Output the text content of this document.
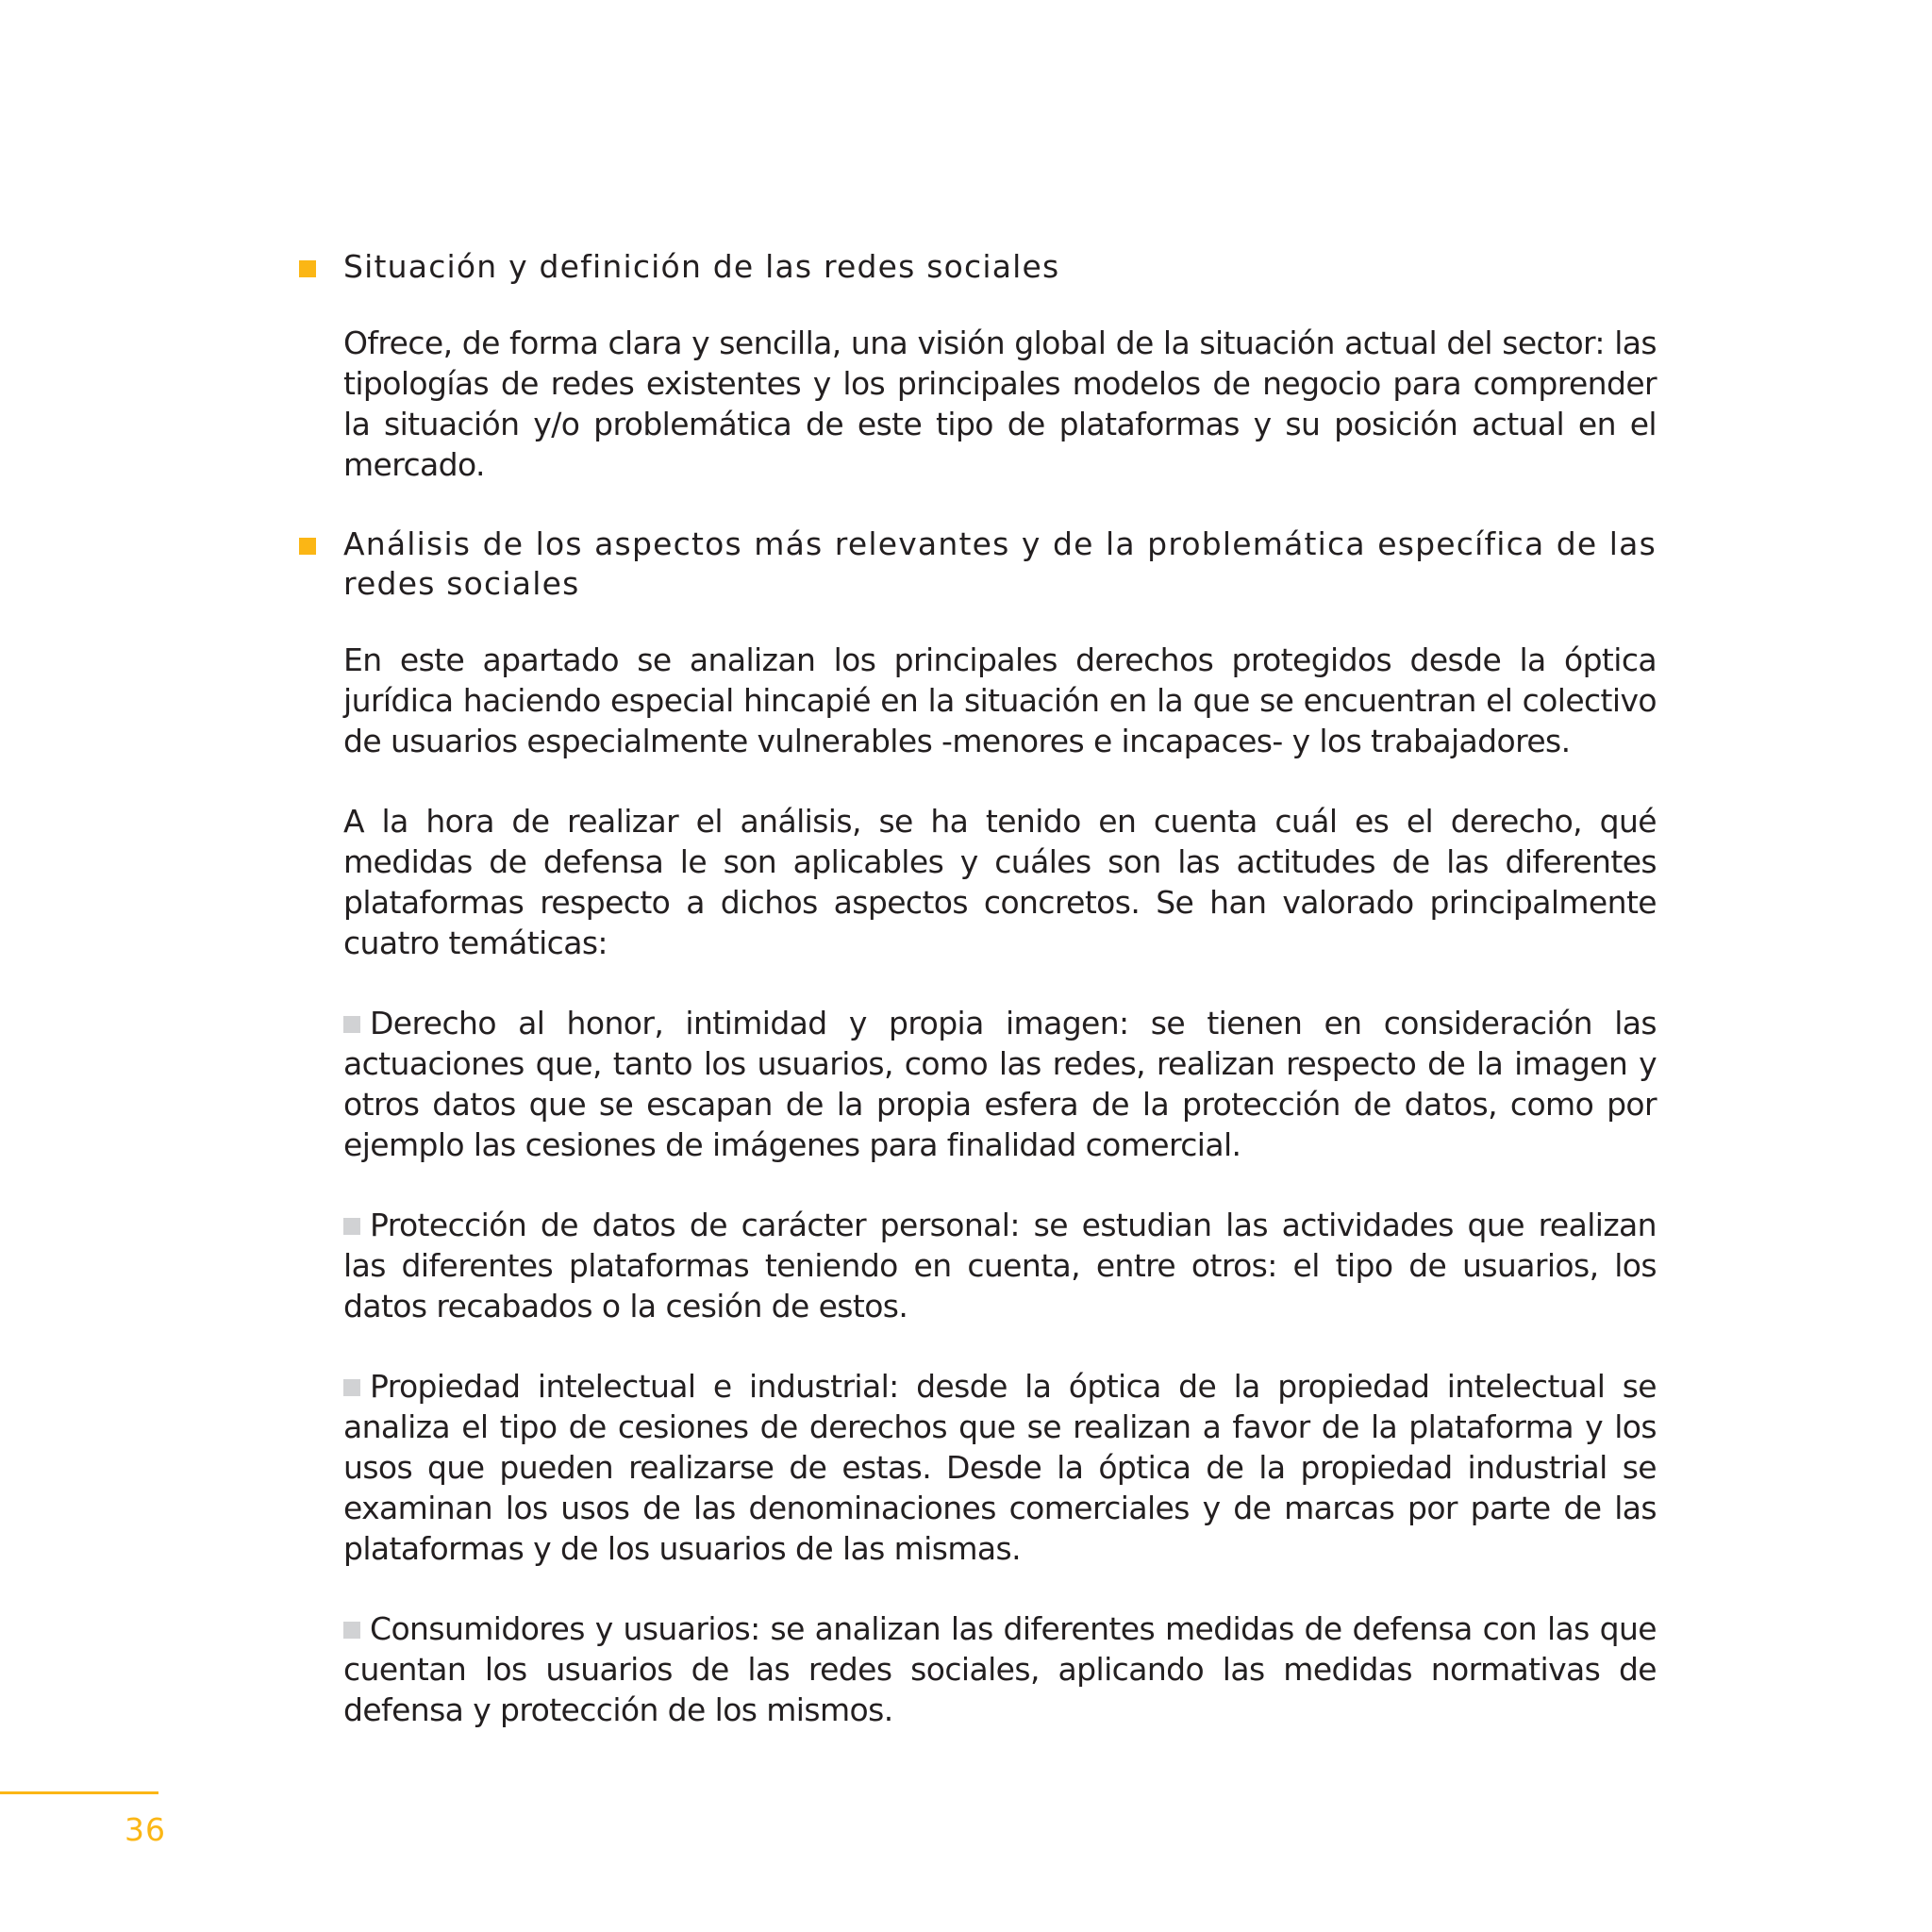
Situación y definición de las redes sociales

Ofrece, de forma clara y sencilla, una visión global de la situación actual del sector: las tipologías de redes existentes y los principales modelos de negocio para comprender la situación y/o problemática de este tipo de plataformas y su posición actual en el mercado.

Análisis de los aspectos más relevantes y de la problemática específica de las redes sociales

En este apartado se analizan los principales derechos protegidos desde la óptica jurídica haciendo especial hincapié en la situación en la que se encuentran el colectivo de usuarios especialmente vulnerables -menores e incapaces- y los trabajadores.

A la hora de realizar el análisis, se ha tenido en cuenta cuál es el derecho, qué medidas de defensa le son aplicables y cuáles son las actitudes de las diferentes plataformas respecto a dichos aspectos concretos. Se han valorado principalmente cuatro temáticas:

Derecho al honor, intimidad y propia imagen: se tienen en consideración las actuaciones que, tanto los usuarios, como las redes, realizan respecto de la imagen y otros datos que se escapan de la propia esfera de la protección de datos, como por ejemplo las cesiones de imágenes para finalidad comercial.

Protección de datos de carácter personal: se estudian las actividades que realizan las diferentes plataformas teniendo en cuenta, entre otros: el tipo de usuarios, los datos recabados o la cesión de estos.

Propiedad intelectual e industrial: desde la óptica de la propiedad intelectual se analiza el tipo de cesiones de derechos que se realizan a favor de la plataforma y los usos que pueden realizarse de estas. Desde la óptica de la propiedad industrial se examinan los usos de las denominaciones comerciales y de marcas por parte de las plataformas y de los usuarios de las mismas.

Consumidores y usuarios: se analizan las diferentes medidas de defensa con las que cuentan los usuarios de las redes sociales, aplicando las medidas normativas de defensa y protección de los mismos.

36
